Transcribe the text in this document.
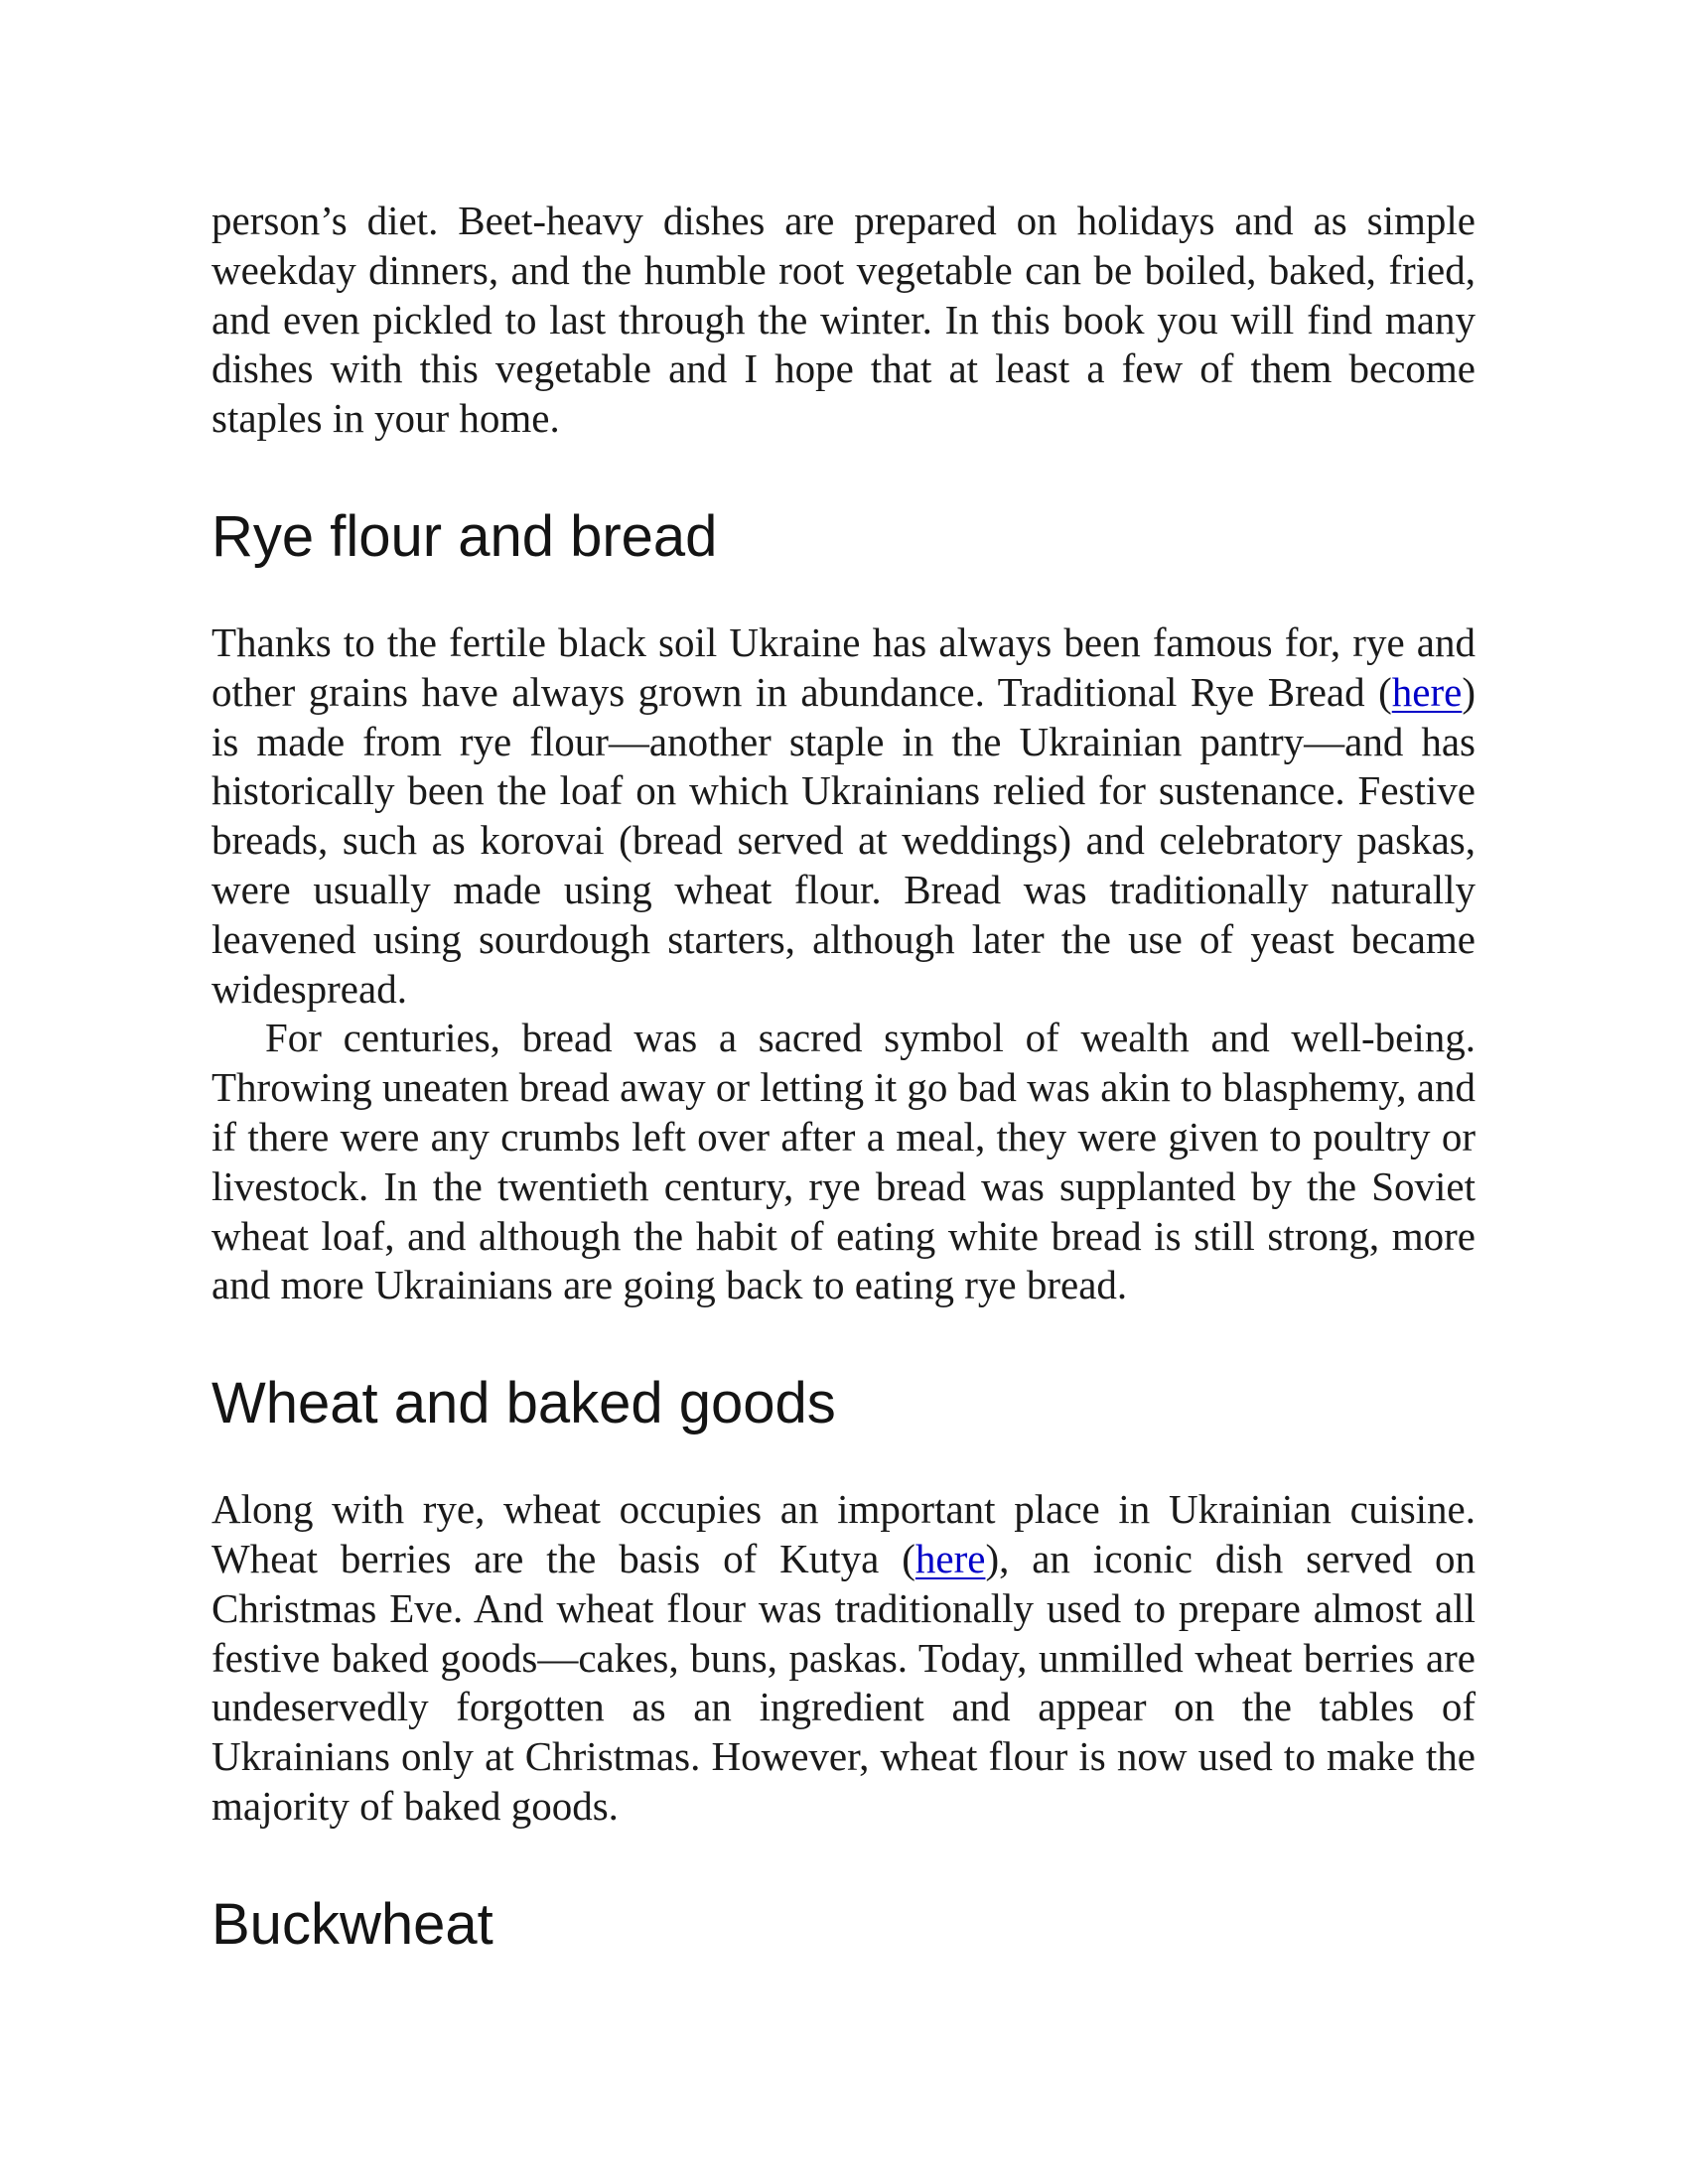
person’s diet. Beet-heavy dishes are prepared on holidays and as simple weekday dinners, and the humble root vegetable can be boiled, baked, fried, and even pickled to last through the winter. In this book you will find many dishes with this vegetable and I hope that at least a few of them become staples in your home.

Rye flour and bread

Thanks to the fertile black soil Ukraine has always been famous for, rye and other grains have always grown in abundance. Traditional Rye Bread (here) is made from rye flour—another staple in the Ukrainian pantry—and has historically been the loaf on which Ukrainians relied for sustenance. Festive breads, such as korovai (bread served at weddings) and celebratory paskas, were usually made using wheat flour. Bread was traditionally naturally leavened using sourdough starters, although later the use of yeast became widespread.

For centuries, bread was a sacred symbol of wealth and well-being. Throwing uneaten bread away or letting it go bad was akin to blasphemy, and if there were any crumbs left over after a meal, they were given to poultry or livestock. In the twentieth century, rye bread was supplanted by the Soviet wheat loaf, and although the habit of eating white bread is still strong, more and more Ukrainians are going back to eating rye bread.

Wheat and baked goods

Along with rye, wheat occupies an important place in Ukrainian cuisine. Wheat berries are the basis of Kutya (here), an iconic dish served on Christmas Eve. And wheat flour was traditionally used to prepare almost all festive baked goods—cakes, buns, paskas. Today, unmilled wheat berries are undeservedly forgotten as an ingredient and appear on the tables of Ukrainians only at Christmas. However, wheat flour is now used to make the majority of baked goods.

Buckwheat
